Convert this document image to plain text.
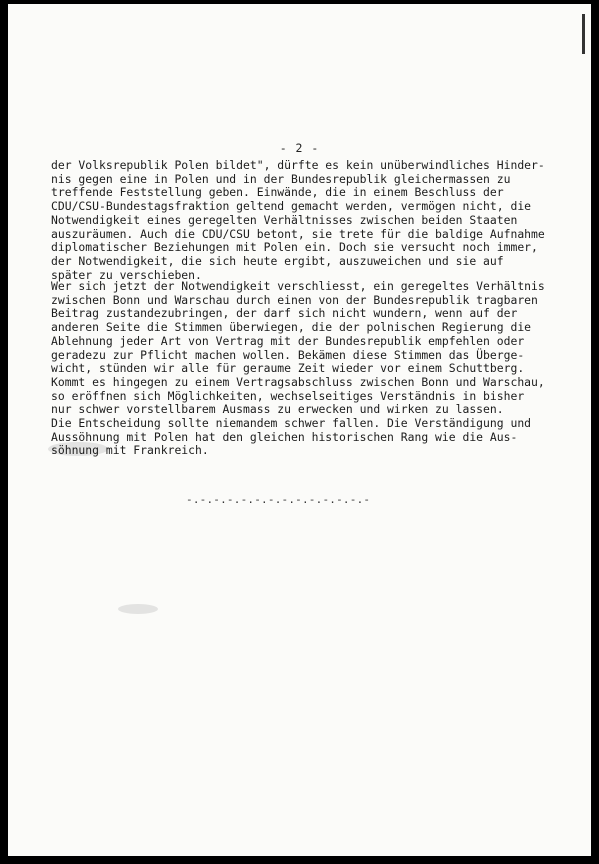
- 2 -
der Volksrepublik Polen bildet", dürfte es kein unüberwindliches Hinder-
nis gegen eine in Polen und in der Bundesrepublik gleichermassen zu
treffende Feststellung geben. Einwände, die in einem Beschluss der
CDU/CSU-Bundestagsfraktion geltend gemacht werden, vermögen nicht, die
Notwendigkeit eines geregelten Verhältnisses zwischen beiden Staaten
auszuräumen. Auch die CDU/CSU betont, sie trete für die baldige Aufnahme
diplomatischer Beziehungen mit Polen ein. Doch sie versucht noch immer,
der Notwendigkeit, die sich heute ergibt, auszuweichen und sie auf
später zu verschieben.
Wer sich jetzt der Notwendigkeit verschliesst, ein geregeltes Verhältnis
zwischen Bonn und Warschau durch einen von der Bundesrepublik tragbaren
Beitrag zustandezubringen, der darf sich nicht wundern, wenn auf der
anderen Seite die Stimmen überwiegen, die der polnischen Regierung die
Ablehnung jeder Art von Vertrag mit der Bundesrepublik empfehlen oder
geradezu zur Pflicht machen wollen. Bekämen diese Stimmen das Überge-
wicht, stünden wir alle für geraume Zeit wieder vor einem Schuttberg.
Kommt es hingegen zu einem Vertragsabschluss zwischen Bonn und Warschau,
so eröffnen sich Möglichkeiten, wechselseitiges Verständnis in bisher
nur schwer vorstellbarem Ausmass zu erwecken und wirken zu lassen.
Die Entscheidung sollte niemandem schwer fallen. Die Verständigung und
Aussöhnung mit Polen hat den gleichen historischen Rang wie die Aus-
söhnung mit Frankreich.
-.-.-.-.-.-.-.-.-.-.-.-.-.-
